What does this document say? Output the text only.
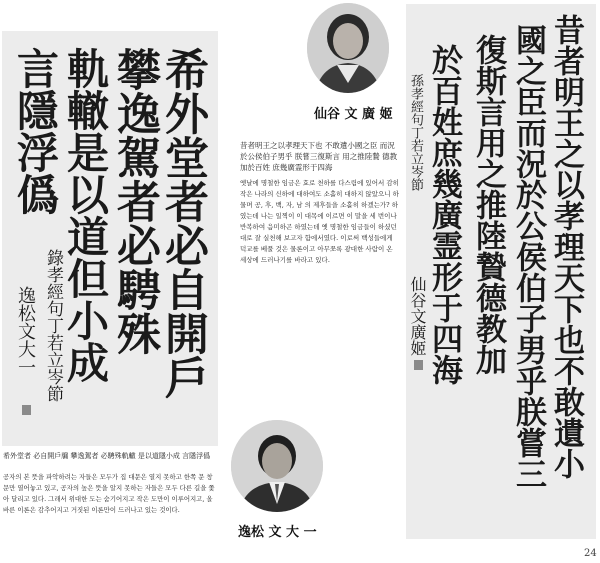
希外堂者必自開戶
攀逸駕者必騁殊
軌轍是以道但小成
言隱浮僞
錄孝經句丁若立岑節
逸松文大一	昔者明王之以孝理天下也不敢遺小
國之臣而況於公侯伯子男乎朕嘗三
復斯言用之推陸贄德教加
於百姓庶幾廣霊形于四海
孫孝經句丁若立岑節
仙谷文廣姬
仙谷 文 廣 姬
昔者明王之以孝理天下也 不敢遺小國之臣 而況於公侯伯子男乎 朕嘗三復斯言 用之推陸贄 德教加於百姓 庶幾廣霊形于四海
옛날에 명철한 임금은 효로 천하를 다스림에 있어서 감히 작은 나라의 신하에 대하여도 소홀히 대하지 않았으니 하물며 공, 후, 백, 자, 남 의 제후들을 소홀히 하겠는가? 하였는데 나는 일찍이 이 대목에 이르면 이 말을 세 번이나 반복하여 음미하곤 하였는데 옛 명철한 임금들이 하셨던 대로 잘 실천해 보고자 함에서였다. 이로써 백성들에게 덕교를 베풀 것은 물론이고 아무쪼록 광대한 사람이 온 세상에 드러나기를 바라고 있다.
逸松 文 大 一
希外堂者 必自開戶牖 攀逸駕者 必騁殊軌轍 是以道隱小成 言隱浮僞
공자의 본 뜻을 파악하려는 자들은 모두가 집 대문은 열지 못하고 한쪽 문 창문만 열어놓고 있고, 공자의 높은 뜻을 알지 못하는 자들은 모두 다른 길을 쫓아 달리고 있다. 그래서 위대한 도는 숨기어지고 작은 도만이 이루어지고, 올바른 이론은 감추어지고 거짓된 이론만이 드러나고 있는 것이다.
24
